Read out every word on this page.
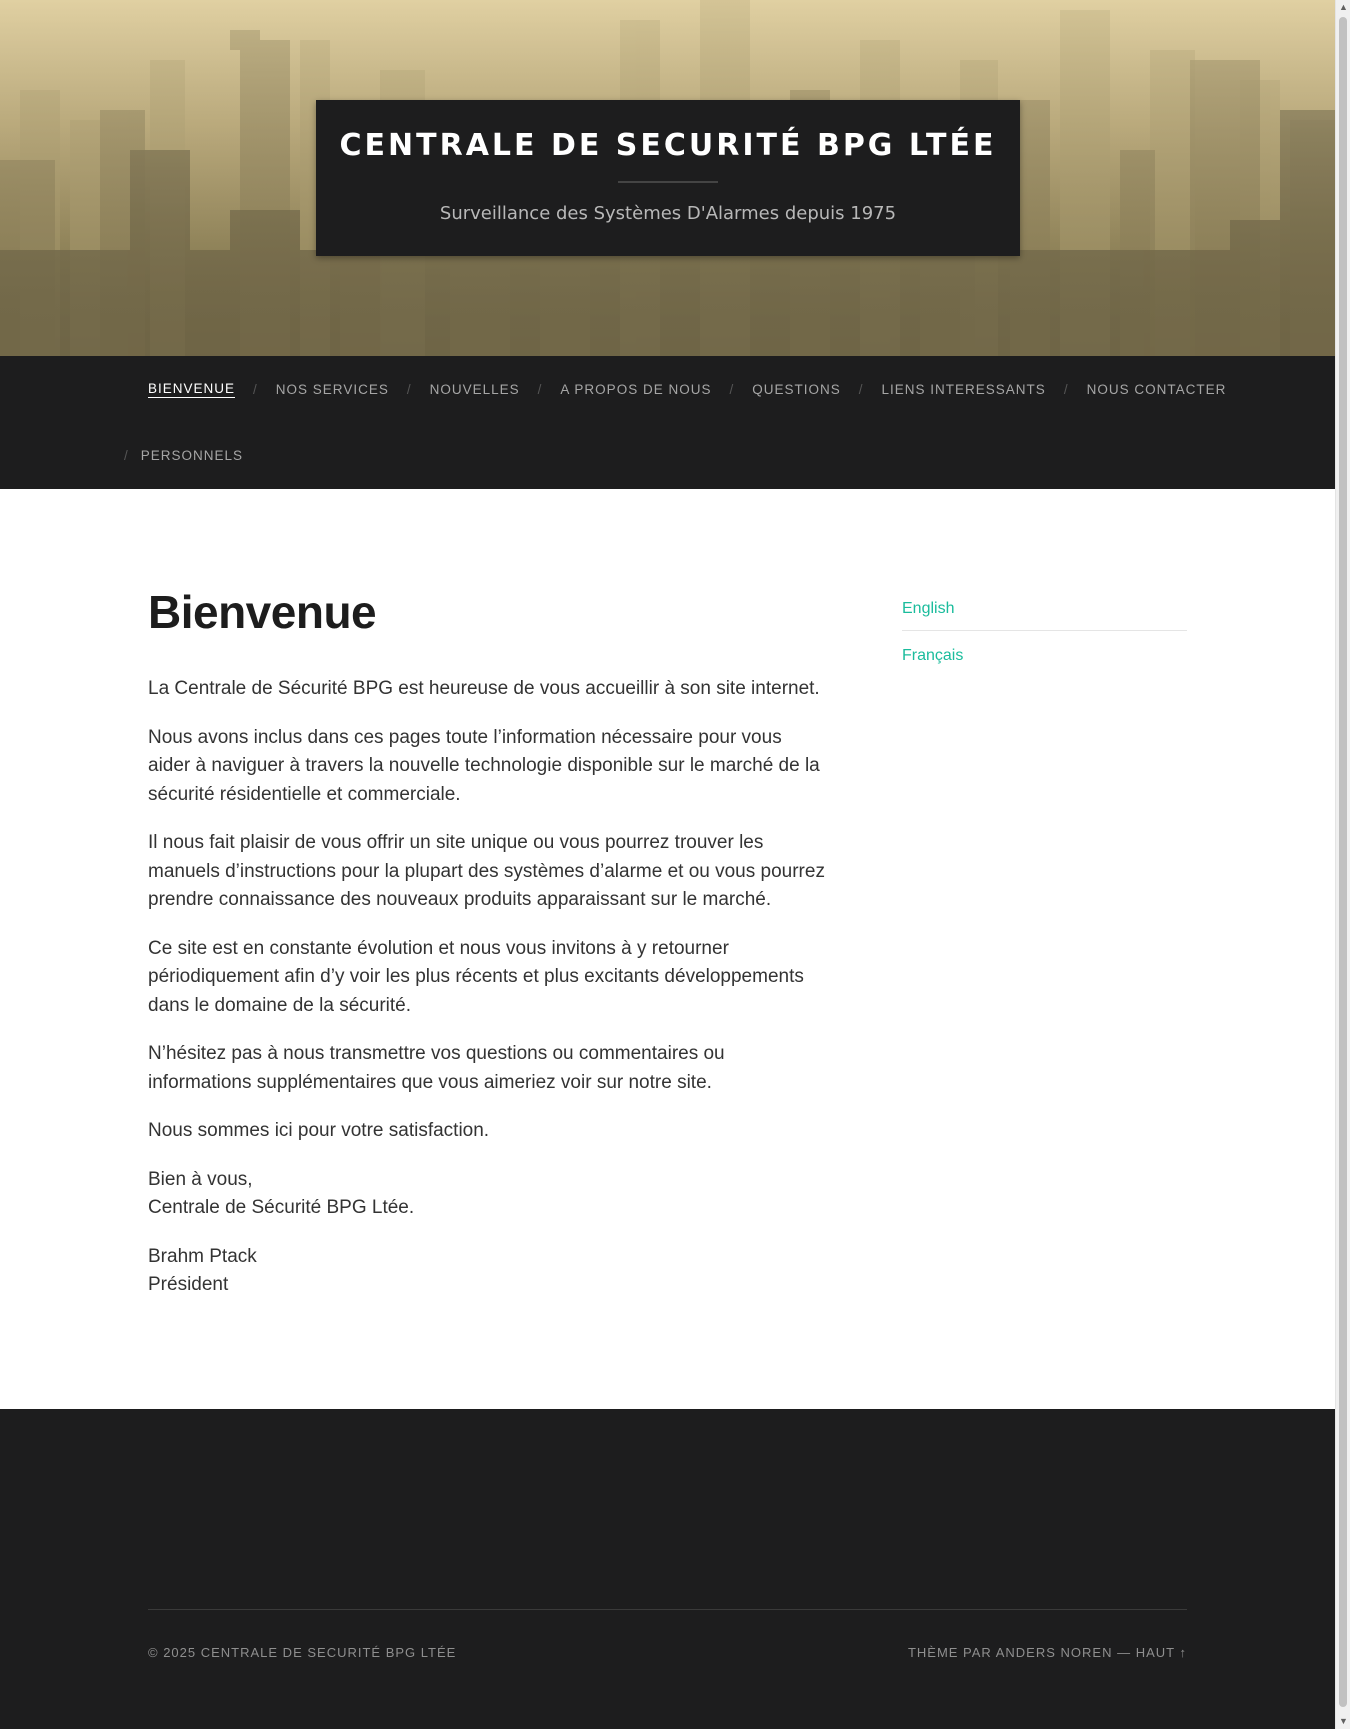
CENTRALE DE SECURITÉ BPG LTÉE
Surveillance des Systèmes D'Alarmes depuis 1975
BIENVENUE / NOS SERVICES / NOUVELLES / A PROPOS DE NOUS / QUESTIONS / LIENS INTERESSANTS / NOUS CONTACTER
/ PERSONNELS
Bienvenue

La Centrale de Sécurité BPG est heureuse de vous accueillir à son site internet.

Nous avons inclus dans ces pages toute l’information nécessaire pour vous aider à naviguer à travers la nouvelle technologie disponible sur le marché de la sécurité résidentielle et commerciale.

Il nous fait plaisir de vous offrir un site unique ou vous pourrez trouver les manuels d’instructions pour la plupart des systèmes d’alarme et ou vous pourrez prendre connaissance des nouveaux produits apparaissant sur le marché.

Ce site est en constante évolution et nous vous invitons à y retourner périodiquement afin d’y voir les plus récents et plus excitants développements dans le domaine de la sécurité.

N’hésitez pas à nous transmettre vos questions ou commentaires ou informations supplémentaires que vous aimeriez voir sur notre site.

Nous sommes ici pour votre satisfaction.

Bien à vous,
Centrale de Sécurité BPG Ltée.

Brahm Ptack
Président

English
Français
© 2025 CENTRALE DE SECURITÉ BPG LTÉE	THÈME PAR ANDERS NOREN — HAUT ↑
▲
▼
